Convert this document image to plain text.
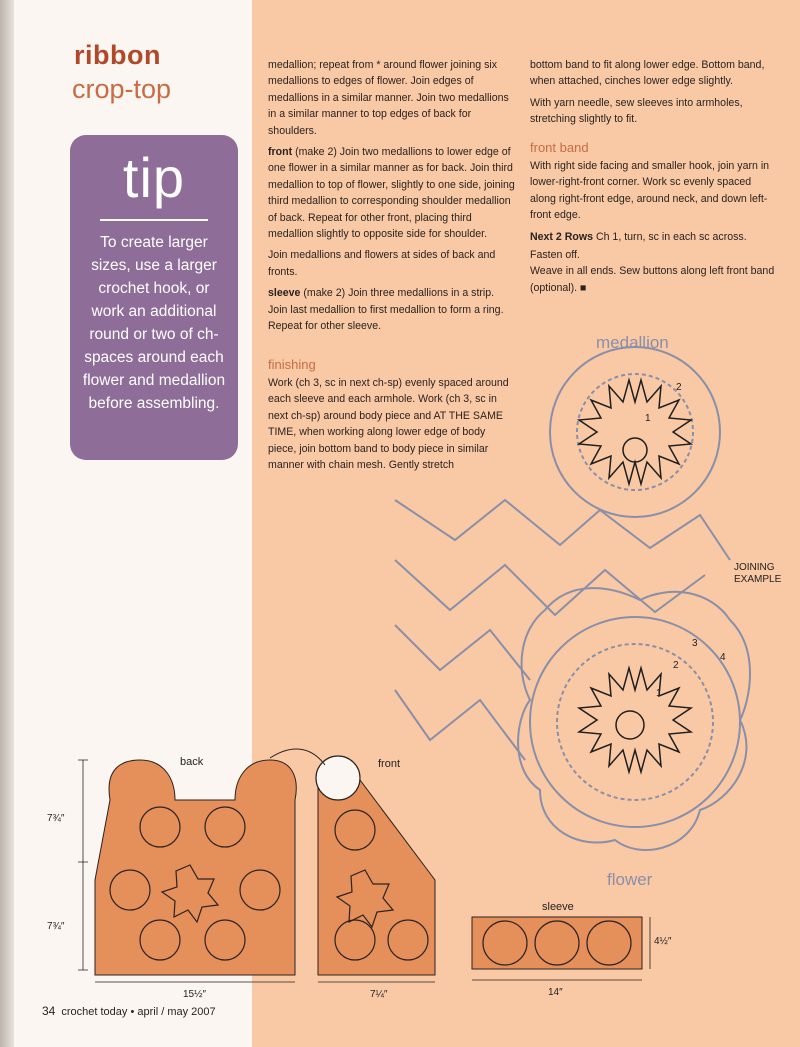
ribbon
crop-top
tip
To create larger sizes, use a larger crochet hook, or work an additional round or two of ch-spaces around each flower and medallion before assembling.

medallion; repeat from * around flower joining six medallions to edges of flower. Join edges of medallions in a similar manner. Join two medallions in a similar manner to top edges of back for shoulders.

front (make 2) Join two medallions to lower edge of one flower in a similar manner as for back. Join third medallion to top of flower, slightly to one side, joining third medallion to corresponding shoulder medallion of back. Repeat for other front, placing third medallion slightly to opposite side for shoulder.

Join medallions and flowers at sides of back and fronts.

sleeve (make 2) Join three medallions in a strip. Join last medallion to first medallion to form a ring. Repeat for other sleeve.

finishing

Work (ch 3, sc in next ch-sp) evenly spaced around each sleeve and each armhole. Work (ch 3, sc in next ch-sp) around body piece and AT THE SAME TIME, when working along lower edge of body piece, join bottom band to body piece in similar manner with chain mesh. Gently stretch

bottom band to fit along lower edge. Bottom band, when attached, cinches lower edge slightly.

With yarn needle, sew sleeves into armholes, stretching slightly to fit.

front band

With right side facing and smaller hook, join yarn in lower-right-front corner. Work sc evenly spaced along right-front edge, around neck, and down left-front edge.

Next 2 Rows Ch 1, turn, sc in each sc across.

Fasten off.

Weave in all ends. Sew buttons along left front band (optional). ■

medallion
flower
JOINING EXAMPLE
1
2
1
2
3
4
back	front
sleeve
7¾″
7¾″
15½″	7¼″	14″
4½″
34 crochet today • april / may 2007
